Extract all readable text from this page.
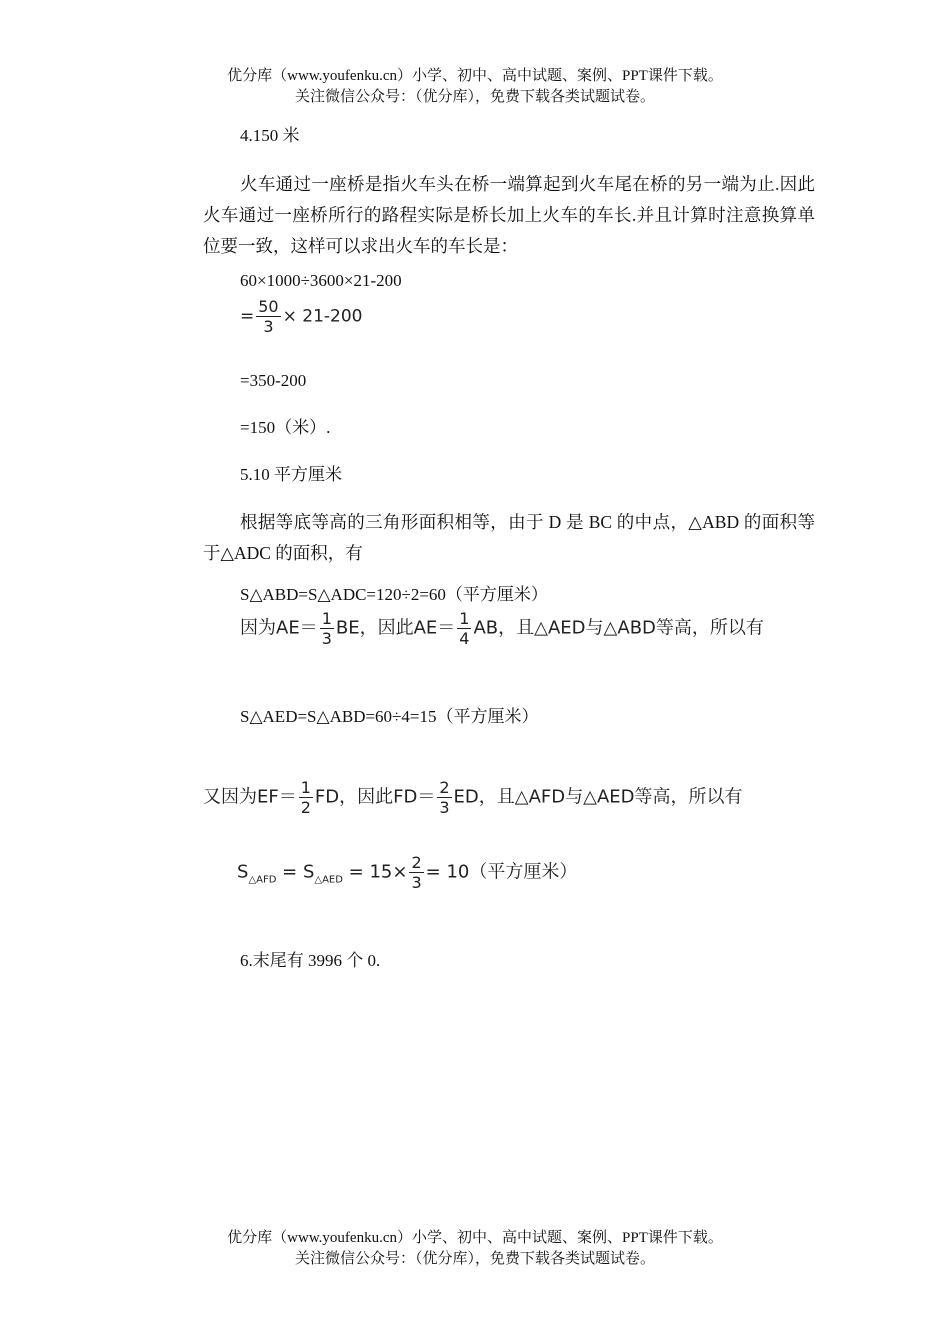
优分库（www.youfenku.cn）小学、初中、高中试题、案例、PPT课件下载。
关注微信公众号：（优分库），免费下载各类试题试卷。
4.150 米
火车通过一座桥是指火车头在桥一端算起到火车尾在桥的另一端为止.因此火车通过一座桥所行的路程实际是桥长加上火车的车长.并且计算时注意换算单位要一致，这样可以求出火车的车长是：
60×1000÷3600×21-200
= $\frac{50}{3} \times 21-200$
=350-200
=150（米）.
5.10 平方厘米
根据等底等高的三角形面积相等，由于 D 是 BC 的中点，△ABD 的面积等于△ADC 的面积，有
S△ABD=S△ADC=120÷2=60（平方厘米）
因为$AE= \frac{1}{3}$ BE，因此$AE= \frac{1}{4}$ AB，且△AED与△ABD等高，所以有
S△AED=S△ABD=60÷4=15（平方厘米）
又因为$EF= \frac{1}{2}$ FD，因此$FD= \frac{2}{3}$ ED，且△AFD与△AED等高，所以有
$S_{\triangle AFD} = S_{\triangle AED} = 15\times \frac{2}{3} = 10$（平方厘米）
6.末尾有 3996 个 0.
优分库（www.youfenku.cn）小学、初中、高中试题、案例、PPT课件下载。
关注微信公众号：（优分库），免费下载各类试题试卷。
